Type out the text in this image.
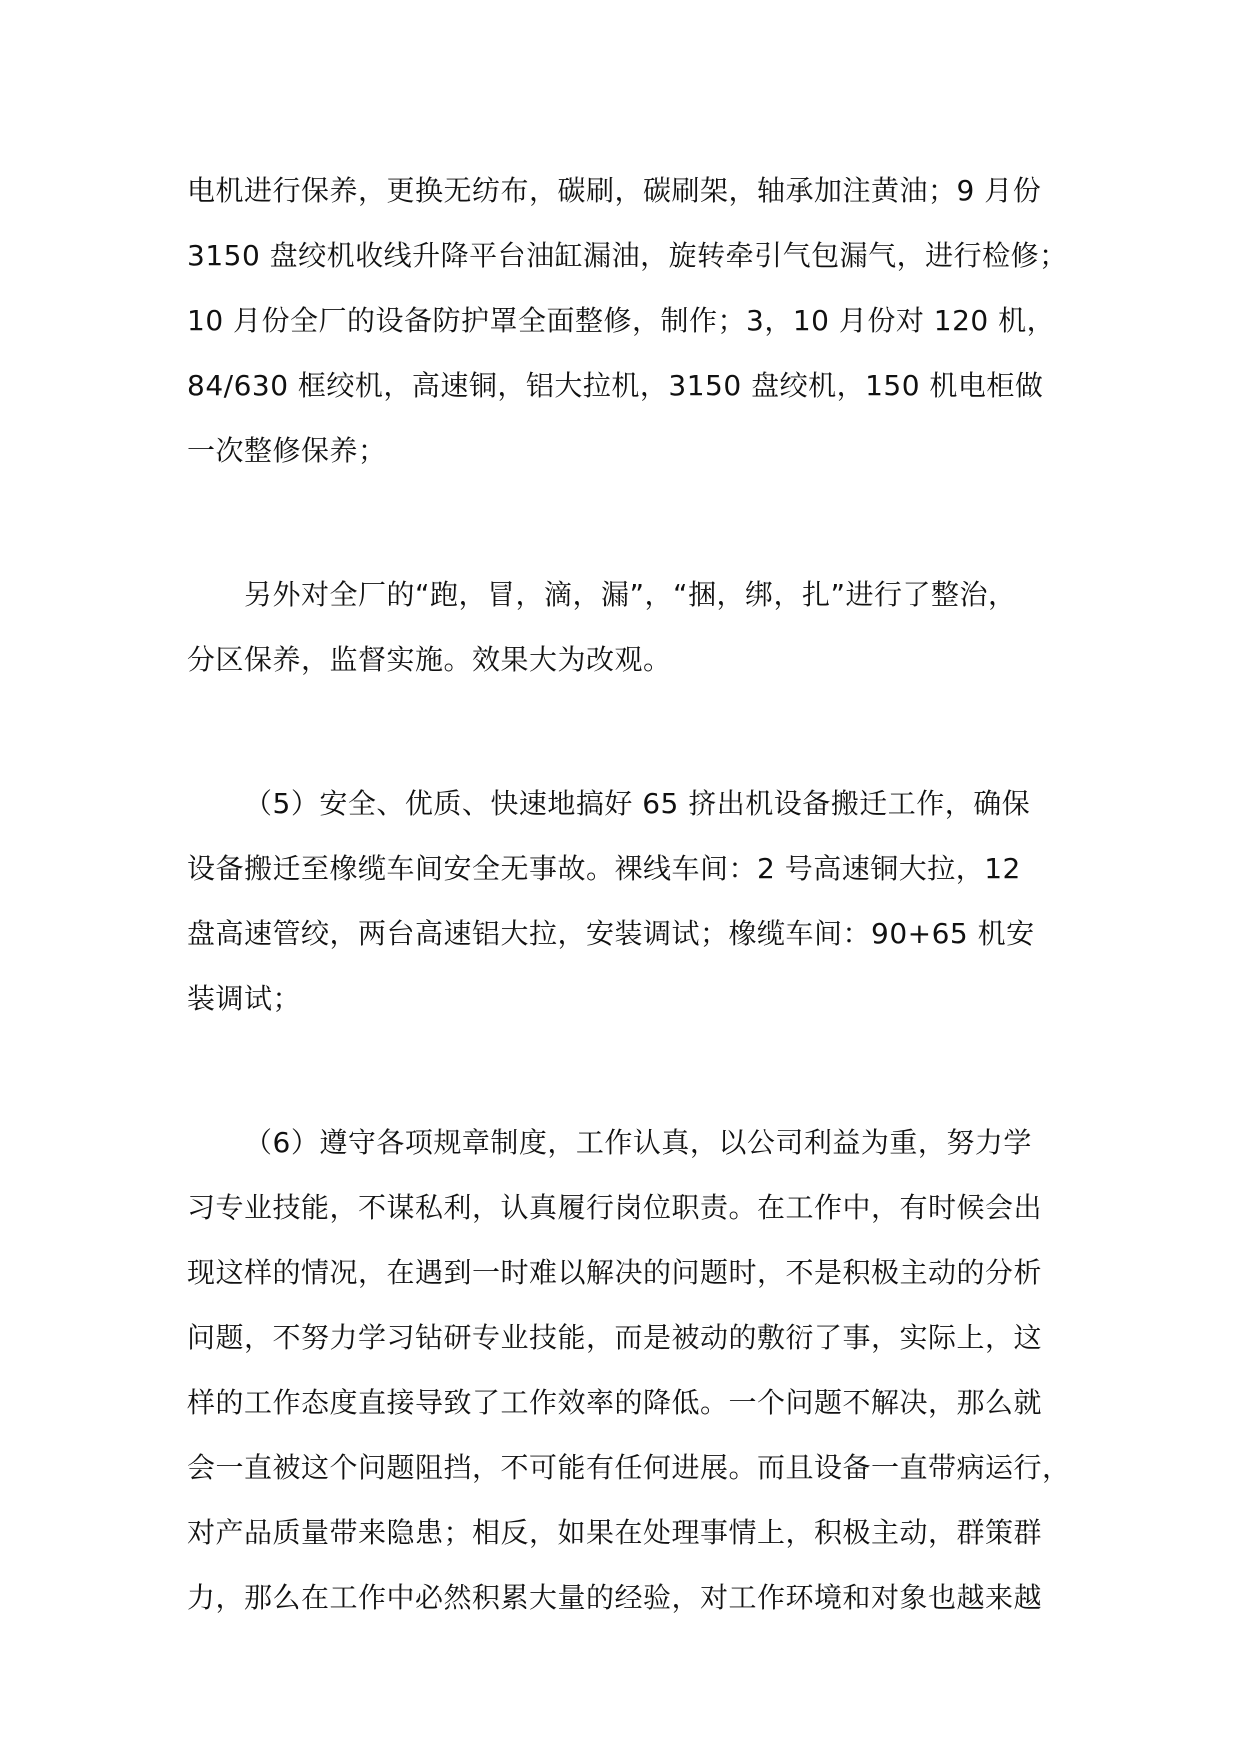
电机进行保养，更换无纺布，碳刷，碳刷架，轴承加注黄油；9 月份
3150 盘绞机收线升降平台油缸漏油，旋转牵引气包漏气，进行检修；
10 月份全厂的设备防护罩全面整修，制作；3，10 月份对 120 机，
84/630 框绞机，高速铜，铝大拉机，3150 盘绞机，150 机电柜做
一次整修保养；
另外对全厂的“跑，冒，滴，漏”，“捆，绑，扎”进行了整治，
分区保养，监督实施。效果大为改观。
（5）安全、优质、快速地搞好 65 挤出机设备搬迁工作，确保
设备搬迁至橡缆车间安全无事故。裸线车间：2 号高速铜大拉，12
盘高速管绞，两台高速铝大拉，安装调试；橡缆车间：90+65 机安
装调试；
（6）遵守各项规章制度，工作认真，以公司利益为重，努力学
习专业技能，不谋私利，认真履行岗位职责。在工作中，有时候会出
现这样的情况，在遇到一时难以解决的问题时，不是积极主动的分析
问题，不努力学习钻研专业技能，而是被动的敷衍了事，实际上，这
样的工作态度直接导致了工作效率的降低。一个问题不解决，那么就
会一直被这个问题阻挡，不可能有任何进展。而且设备一直带病运行，
对产品质量带来隐患；相反，如果在处理事情上，积极主动，群策群
力，那么在工作中必然积累大量的经验，对工作环境和对象也越来越
